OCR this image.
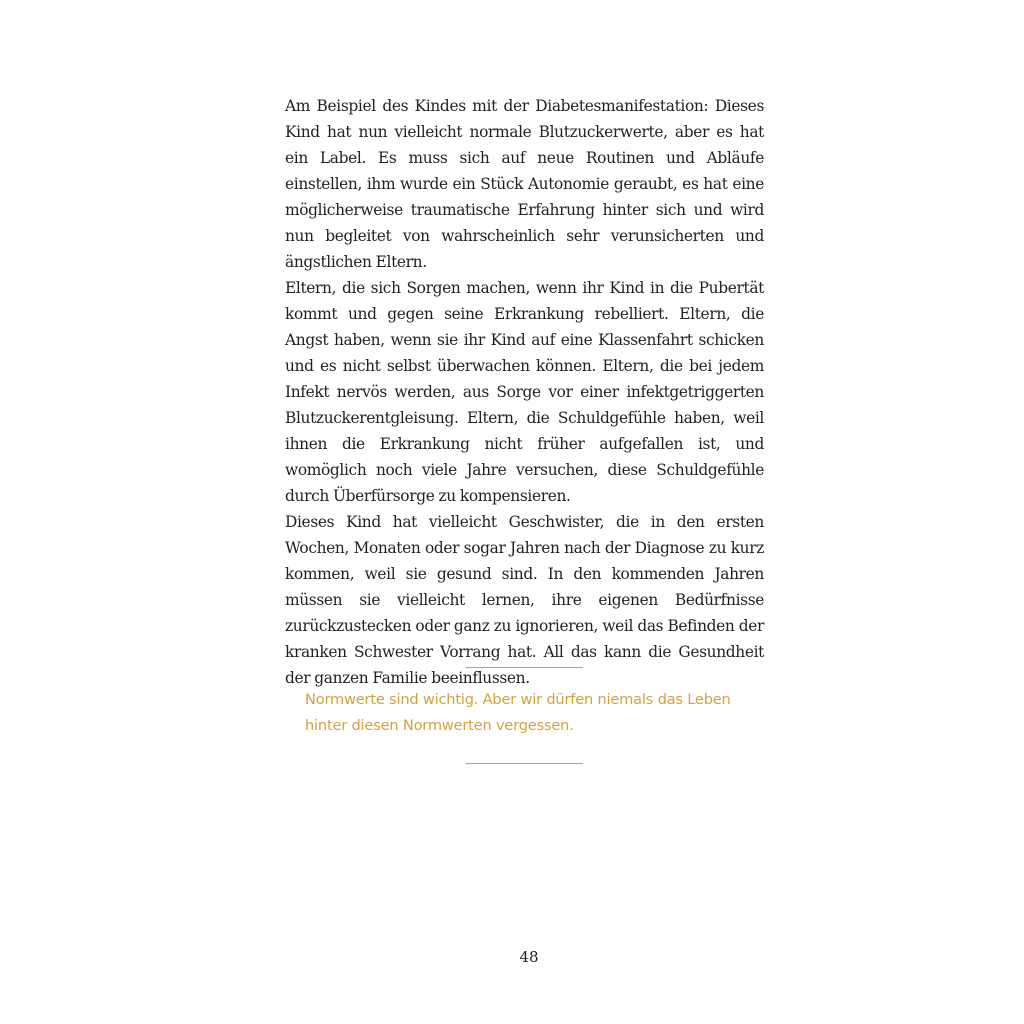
Am Beispiel des Kindes mit der Diabetesmanifestation: Dieses Kind hat nun vielleicht normale Blutzuckerwerte, aber es hat ein Label. Es muss sich auf neue Routinen und Abläufe einstellen, ihm wurde ein Stück Autonomie geraubt, es hat eine möglicherweise traumatische Erfahrung hinter sich und wird nun begleitet von wahrscheinlich sehr verunsicherten und ängstlichen Eltern.

Eltern, die sich Sorgen machen, wenn ihr Kind in die Pubertät kommt und gegen seine Erkrankung rebelliert. Eltern, die Angst haben, wenn sie ihr Kind auf eine Klassenfahrt schicken und es nicht selbst überwachen können. Eltern, die bei jedem Infekt nervös werden, aus Sorge vor einer infektgetriggerten Blutzuckerentgleisung. Eltern, die Schuldgefühle haben, weil ihnen die Erkrankung nicht früher aufgefallen ist, und womöglich noch viele Jahre versuchen, diese Schuldgefühle durch Überfürsorge zu kompensieren.

Dieses Kind hat vielleicht Geschwister, die in den ersten Wochen, Monaten oder sogar Jahren nach der Diagnose zu kurz kommen, weil sie gesund sind. In den kommenden Jahren müssen sie vielleicht lernen, ihre eigenen Bedürfnisse zurückzustecken oder ganz zu ignorieren, weil das Befinden der kranken Schwester Vorrang hat. All das kann die Gesundheit der ganzen Familie beeinflussen.

Normwerte sind wichtig. Aber wir dürfen niemals das Leben hinter diesen Normwerten vergessen.

48
